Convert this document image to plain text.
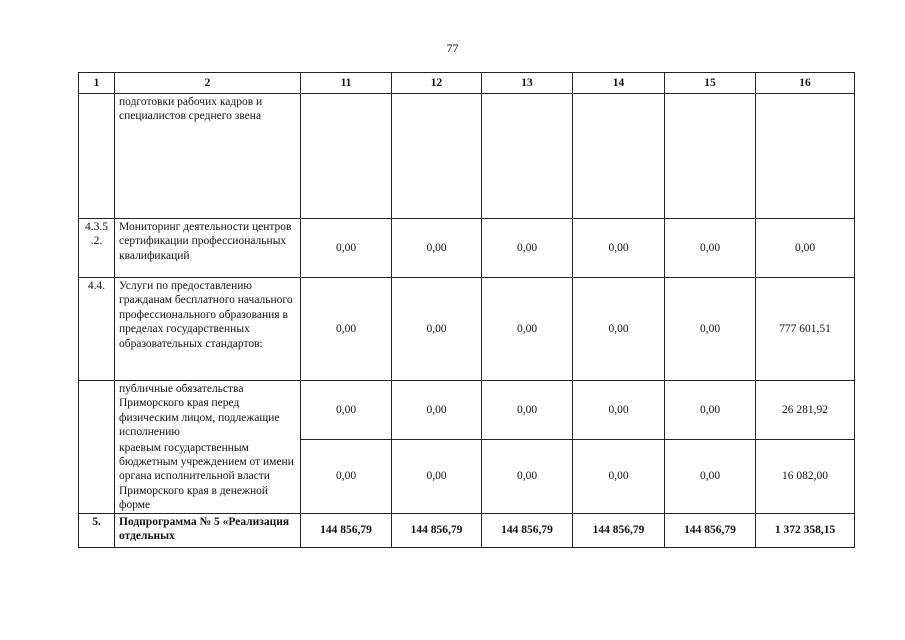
77
1	2	11	12	13	14	15	16
	подготовки рабочих кадров и специалистов среднего звена						
4.3.5 .2.	Мониторинг деятельности центров сертификации профессиональных квалификаций	0,00	0,00	0,00	0,00	0,00	0,00
4.4.	Услуги по предоставлению гражданам бесплатного начального профессионального образования в пределах государственных образовательных стандартов:	0,00	0,00	0,00	0,00	0,00	777 601,51
	публичные обязательства Приморского края перед физическим лицом, подлежащие исполнению	0,00	0,00	0,00	0,00	0,00	26 281,92
	краевым государственным бюджетным учреждением от имени органа исполнительной власти Приморского края в денежной форме	0,00	0,00	0,00	0,00	0,00	16 082,00
5.	Подпрограмма № 5 «Реализация отдельных	144 856,79	144 856,79	144 856,79	144 856,79	144 856,79	1 372 358,15
